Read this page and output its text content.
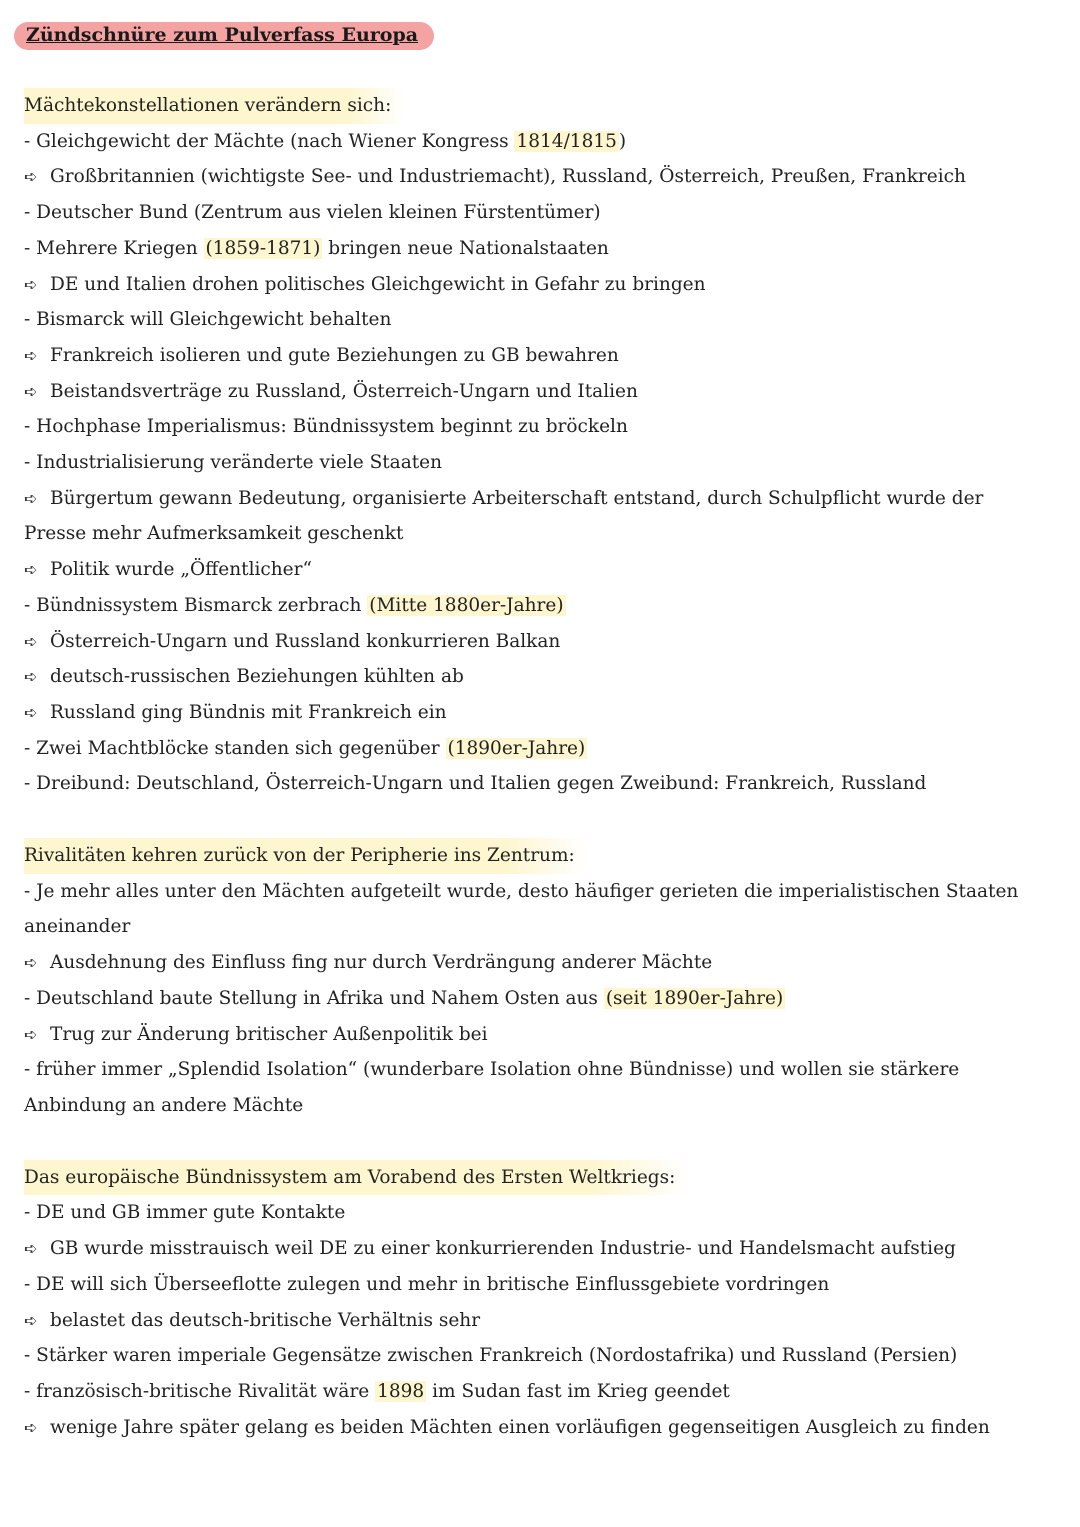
Zündschnüre zum Pulverfass Europa
Mächtekonstellationen verändern sich:
- Gleichgewicht der Mächte (nach Wiener Kongress 1814/1815 )
➪ Großbritannien (wichtigste See- und Industriemacht), Russland, Österreich, Preußen, Frankreich
- Deutscher Bund (Zentrum aus vielen kleinen Fürstentümer)
- Mehrere Kriegen (1859-1871) bringen neue Nationalstaaten
➪ DE und Italien drohen politisches Gleichgewicht in Gefahr zu bringen
- Bismarck will Gleichgewicht behalten
➪ Frankreich isolieren und gute Beziehungen zu GB bewahren
➪ Beistandsverträge zu Russland, Österreich-Ungarn und Italien
- Hochphase Imperialismus: Bündnissystem beginnt zu bröckeln
- Industrialisierung veränderte viele Staaten
➪ Bürgertum gewann Bedeutung, organisierte Arbeiterschaft entstand, durch Schulpflicht wurde der Presse mehr Aufmerksamkeit geschenkt
➪ Politik wurde „Öffentlicher“
- Bündnissystem Bismarck zerbrach (Mitte 1880er-Jahre)
➪ Österreich-Ungarn und Russland konkurrieren Balkan
➪ deutsch-russischen Beziehungen kühlten ab
➪ Russland ging Bündnis mit Frankreich ein
- Zwei Machtblöcke standen sich gegenüber (1890er-Jahre)
- Dreibund: Deutschland, Österreich-Ungarn und Italien gegen Zweibund: Frankreich, Russland
Rivalitäten kehren zurück von der Peripherie ins Zentrum:
- Je mehr alles unter den Mächten aufgeteilt wurde, desto häufiger gerieten die imperialistischen Staaten aneinander
➪ Ausdehnung des Einfluss fing nur durch Verdrängung anderer Mächte
- Deutschland baute Stellung in Afrika und Nahem Osten aus (seit 1890er-Jahre)
➪ Trug zur Änderung britischer Außenpolitik bei
- früher immer „Splendid Isolation“ (wunderbare Isolation ohne Bündnisse) und wollen sie stärkere Anbindung an andere Mächte
Das europäische Bündnissystem am Vorabend des Ersten Weltkriegs:
- DE und GB immer gute Kontakte
➪ GB wurde misstrauisch weil DE zu einer konkurrierenden Industrie- und Handelsmacht aufstieg
- DE will sich Überseeflotte zulegen und mehr in britische Einflussgebiete vordringen
➪ belastet das deutsch-britische Verhältnis sehr
- Stärker waren imperiale Gegensätze zwischen Frankreich (Nordostafrika) und Russland (Persien)
- französisch-britische Rivalität wäre 1898 im Sudan fast im Krieg geendet
➪ wenige Jahre später gelang es beiden Mächten einen vorläufigen gegenseitigen Ausgleich zu finden
